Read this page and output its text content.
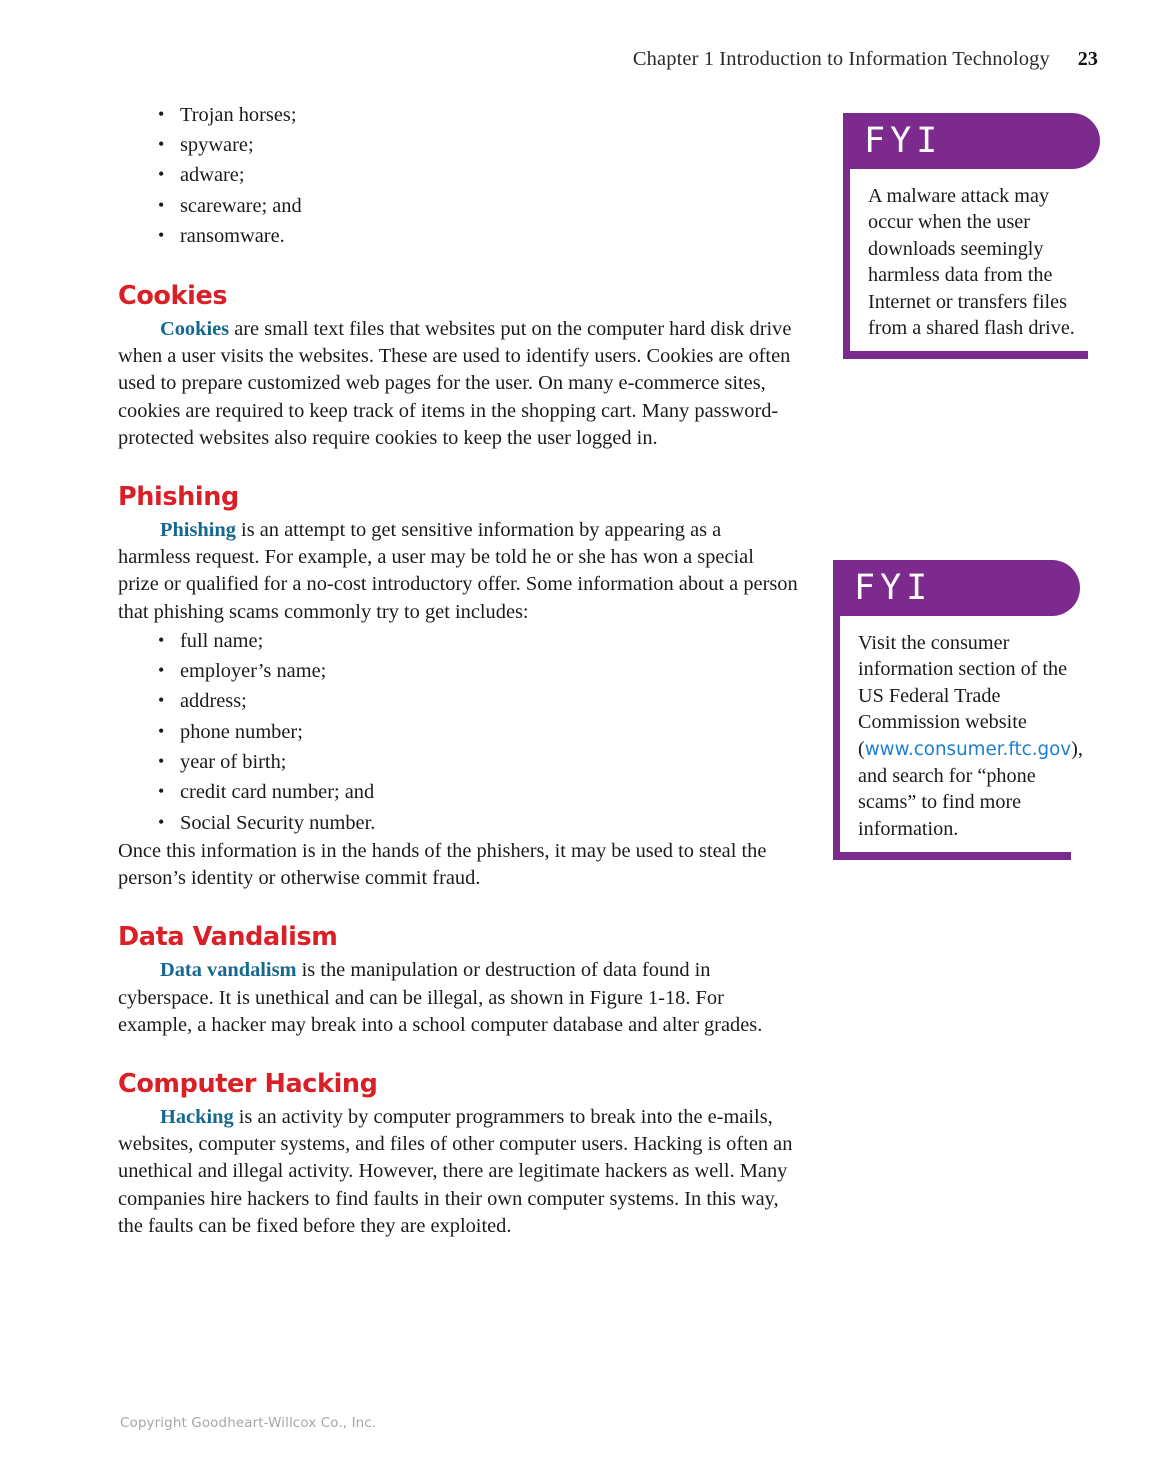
Chapter 1 Introduction to Information Technology 23
• Trojan horses;
• spyware;
• adware;
• scareware; and
• ransomware.
Cookies

Cookies are small text files that websites put on the computer hard disk drive when a user visits the websites. These are used to identify users. Cookies are often used to prepare customized web pages for the user. On many e-commerce sites, cookies are required to keep track of items in the shopping cart. Many password-protected websites also require cookies to keep the user logged in.

Phishing

Phishing is an attempt to get sensitive information by appearing as a harmless request. For example, a user may be told he or she has won a special prize or qualified for a no-cost introductory offer. Some information about a person that phishing scams commonly try to get includes:

• full name;
• employer’s name;
• address;
• phone number;
• year of birth;
• credit card number; and
• Social Security number.

Once this information is in the hands of the phishers, it may be used to steal the person’s identity or otherwise commit fraud.

Data Vandalism

Data vandalism is the manipulation or destruction of data found in cyberspace. It is unethical and can be illegal, as shown in Figure 1-18. For example, a hacker may break into a school computer database and alter grades.

Computer Hacking

Hacking is an activity by computer programmers to break into the e-mails, websites, computer systems, and files of other computer users. Hacking is often an unethical and illegal activity. However, there are legitimate hackers as well. Many companies hire hackers to find faults in their own computer systems. In this way, the faults can be fixed before they are exploited.

FYI
A malware attack may occur when the user downloads seemingly harmless data from the Internet or transfers files from a shared flash drive.
FYI
Visit the consumer information section of the US Federal Trade Commission website (www.consumer.ftc.gov), and search for “phone scams” to find more information.
Copyright Goodheart-Willcox Co., Inc.
